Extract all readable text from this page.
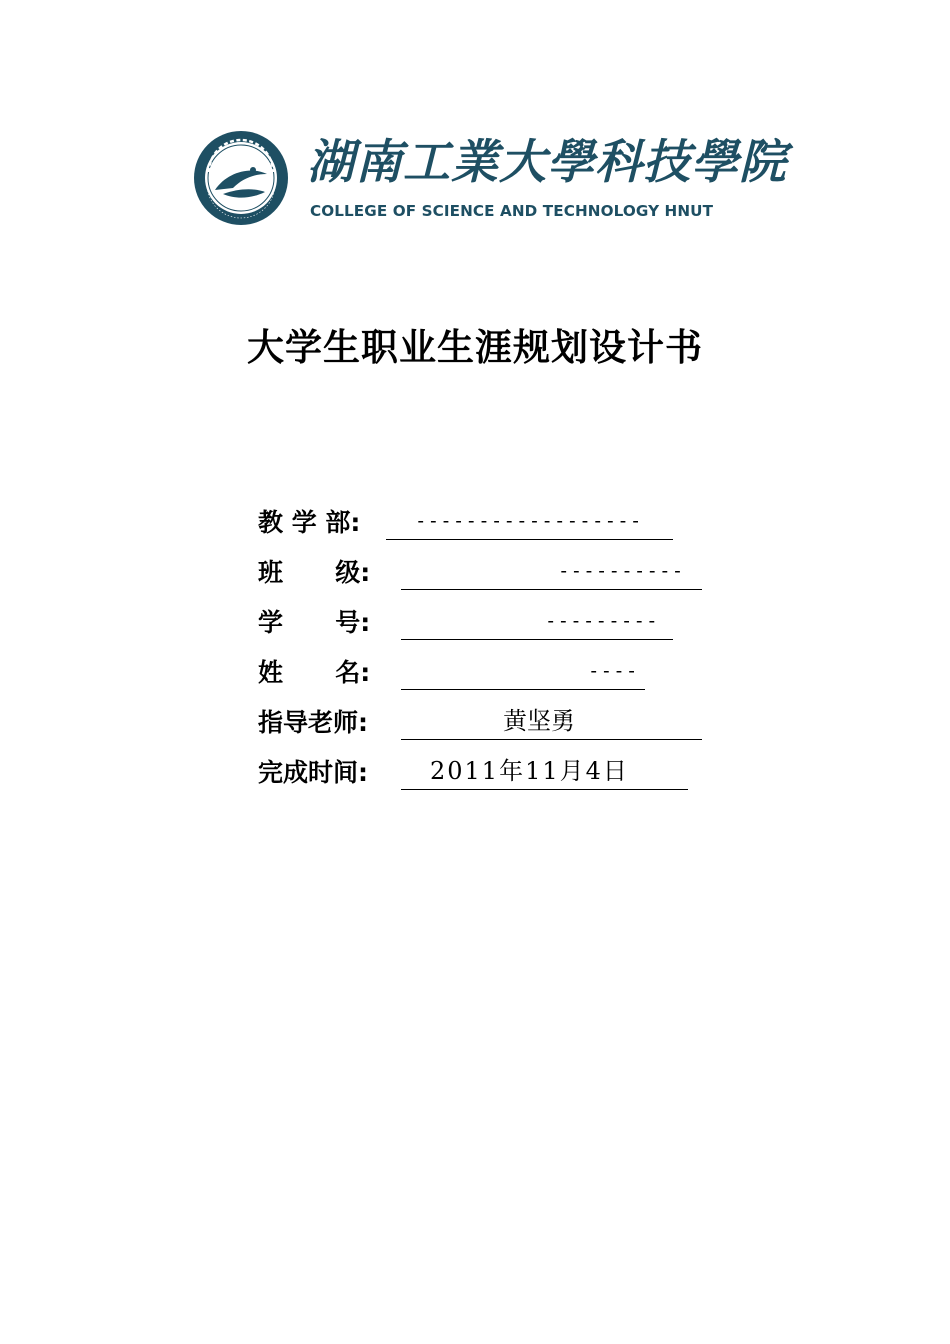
湖南工業大學科技學院
COLLEGE OF SCIENCE AND TECHNOLOGY HNUT
大学生职业生涯规划设计书
教 学 部:	------------------
班      级:	----------
学      号:	---------
姓      名:	----
指导老师:	黄坚勇
完成时间:	2011年11月4日
